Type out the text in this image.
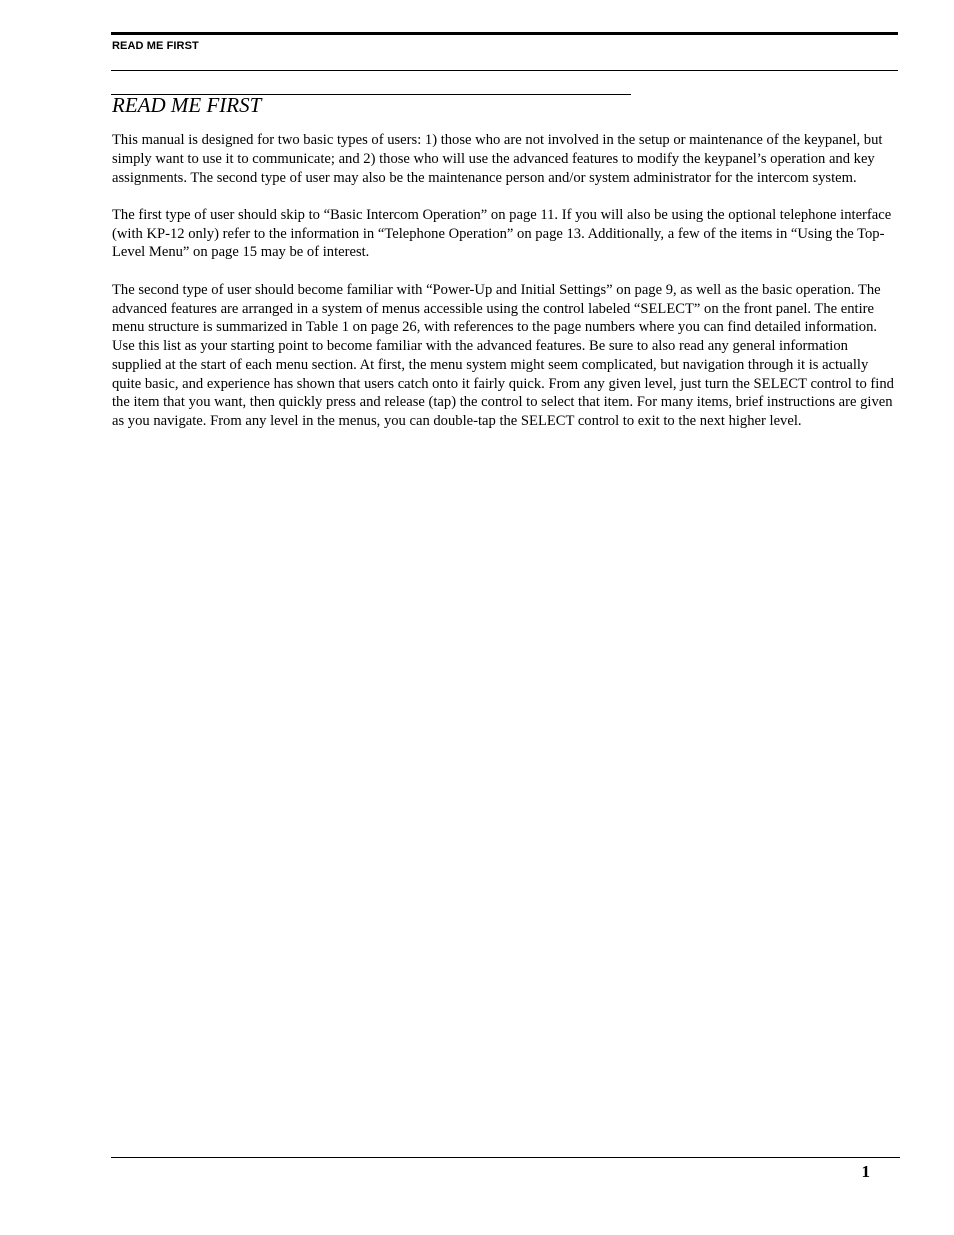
READ ME FIRST
READ ME FIRST

This manual is designed for two basic types of users: 1) those who are not involved in the setup or maintenance of the keypanel, but simply want to use it to communicate; and 2) those who will use the advanced features to modify the keypanel’s operation and key assignments. The second type of user may also be the maintenance person and/or system administrator for the intercom system.

The first type of user should skip to “Basic Intercom Operation” on page 11. If you will also be using the optional telephone interface (with KP-12 only) refer to the information in “Telephone Operation” on page 13. Additionally, a few of the items in “Using the Top-Level Menu” on page 15 may be of interest.

The second type of user should become familiar with “Power-Up and Initial Settings” on page 9, as well as the basic operation. The advanced features are arranged in a system of menus accessible using the control labeled “SELECT” on the front panel. The entire menu structure is summarized in Table 1 on page 26, with references to the page numbers where you can find detailed information. Use this list as your starting point to become familiar with the advanced features. Be sure to also read any general information supplied at the start of each menu section. At first, the menu system might seem complicated, but navigation through it is actually quite basic, and experience has shown that users catch onto it fairly quick. From any given level, just turn the SELECT control to find the item that you want, then quickly press and release (tap) the control to select that item. For many items, brief instructions are given as you navigate. From any level in the menus, you can double-tap the SELECT control to exit to the next higher level.

1
